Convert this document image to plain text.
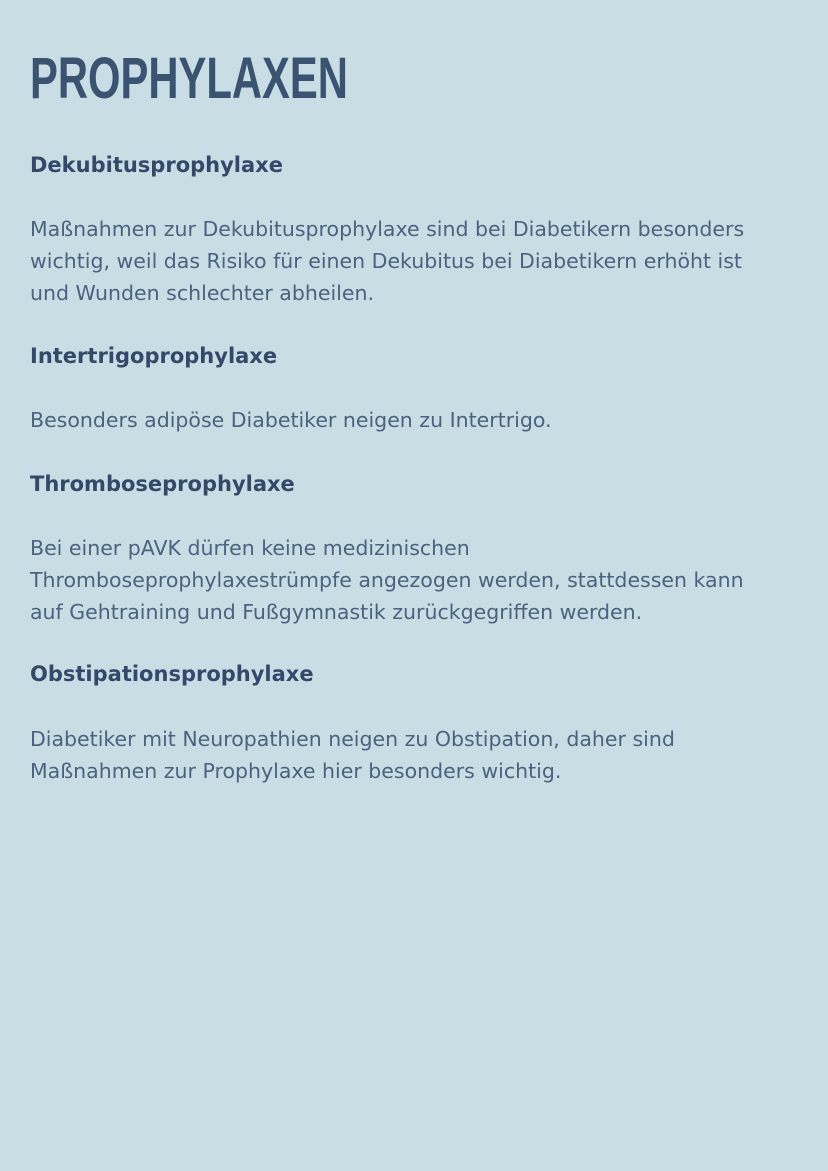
PROPHYLAXEN
Dekubitusprophylaxe

Maßnahmen zur Dekubitusprophylaxe sind bei Diabetikern besonders wichtig, weil das Risiko für einen Dekubitus bei Diabetikern erhöht ist und Wunden schlechter abheilen.

Intertrigoprophylaxe

Besonders adipöse Diabetiker neigen zu Intertrigo.

Thromboseprophylaxe

Bei einer pAVK dürfen keine medizinischen Thromboseprophylaxestrümpfe angezogen werden, stattdessen kann auf Gehtraining und Fußgymnastik zurückgegriffen werden.

Obstipationsprophylaxe

Diabetiker mit Neuropathien neigen zu Obstipation, daher sind Maßnahmen zur Prophylaxe hier besonders wichtig.
